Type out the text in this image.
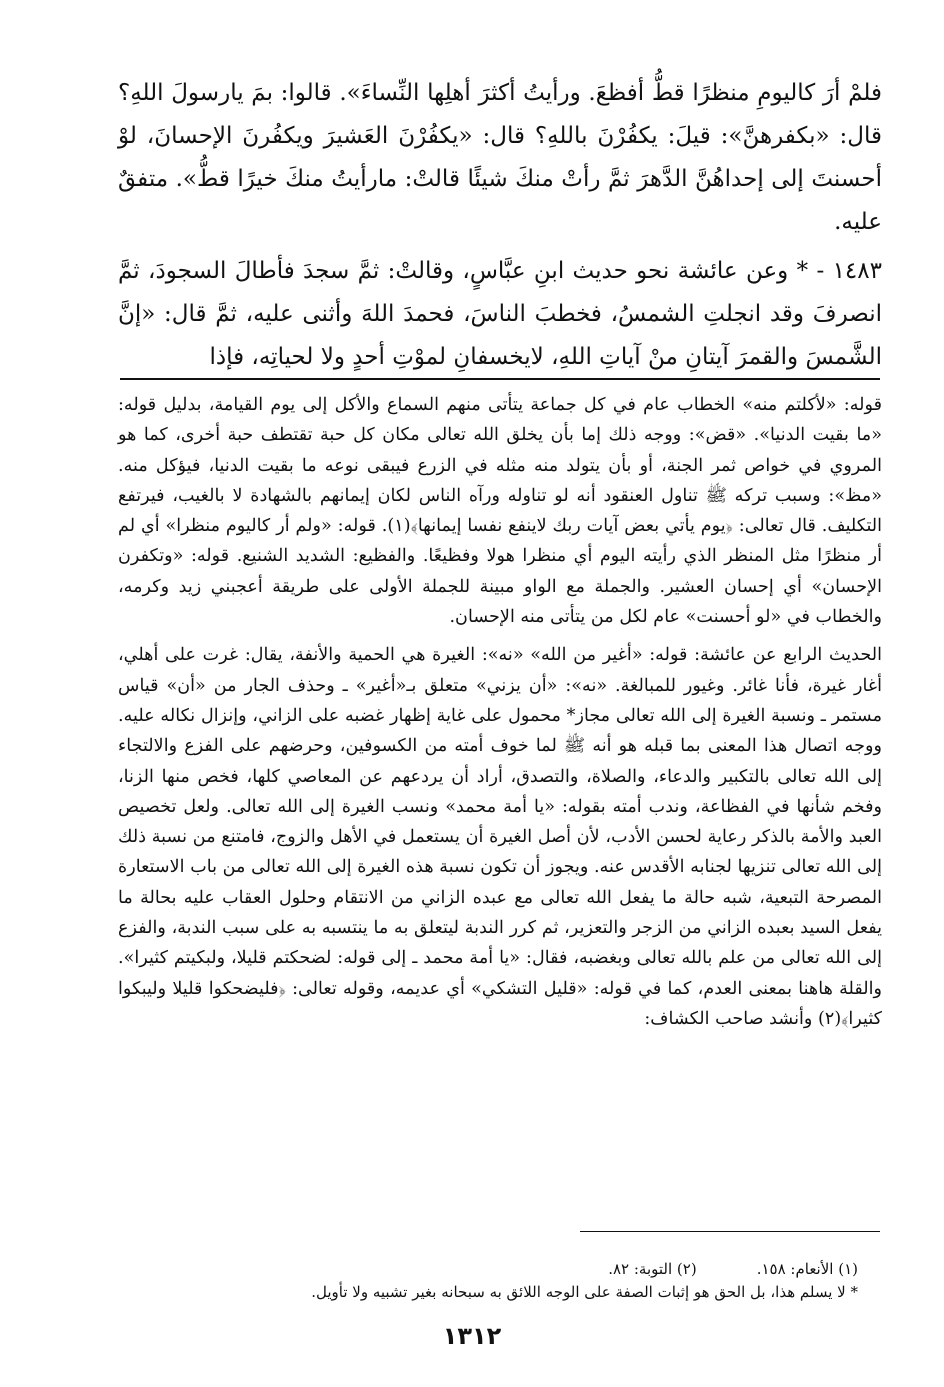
فلمْ أرَ كاليومِ منظرًا قطُّ أفظعَ. ورأيتُ أكثرَ أهلِها النِّساءَ». قالوا: بمَ يارسولَ اللهِ؟ قال: «بكفرهنَّ»: قيلَ: يكفُرْنَ باللهِ؟ قال: «يكفُرْنَ العَشيرَ ويكفُرنَ الإحسانَ، لوْ أحسنتَ إلى إحداهُنَّ الدَّهرَ ثمَّ رأتْ منكَ شيئًا قالتْ: مارأيتُ منكَ خيرًا قطُّ». متفقٌ عليه.

١٤٨٣ - * وعن عائشة نحو حديث ابنِ عبَّاسٍ، وقالتْ: ثمَّ سجدَ فأطالَ السجودَ، ثمَّ انصرفَ وقد انجلتِ الشمسُ، فخطبَ الناسَ، فحمدَ اللهَ وأثنى عليه، ثمَّ قال: «إنَّ الشَّمسَ والقمرَ آيتانِ منْ آياتِ اللهِ، لايخسفانِ لموْتِ أحدٍ ولا لحياتِه، فإذا

قوله: «لأكلتم منه» الخطاب عام في كل جماعة يتأتى منهم السماع والأكل إلى يوم القيامة، بدليل قوله: «ما بقيت الدنيا». «قض»: ووجه ذلك إما بأن يخلق الله تعالى مكان كل حبة تقتطف حبة أخرى، كما هو المروي في خواص ثمر الجنة، أو بأن يتولد منه مثله في الزرع فيبقى نوعه ما بقيت الدنيا، فيؤكل منه. «مظ»: وسبب تركه ﷺ تناول العنقود أنه لو تناوله ورآه الناس لكان إيمانهم بالشهادة لا بالغيب، فيرتفع التكليف. قال تعالى: ﴿يوم يأتي بعض آيات ربك لاينفع نفسا إيمانها﴾(١). قوله: «ولم أر كاليوم منظرا» أي لم أر منظرًا مثل المنظر الذي رأيته اليوم أي منظرا هولا وفظيعًا. والفظيع: الشديد الشنيع. قوله: «وتكفرن الإحسان» أي إحسان العشير. والجملة مع الواو مبينة للجملة الأولى على طريقة أعجبني زيد وكرمه، والخطاب في «لو أحسنت» عام لكل من يتأتى منه الإحسان.

الحديث الرابع عن عائشة: قوله: «أغير من الله» «نه»: الغيرة هي الحمية والأنفة، يقال: غرت على أهلي، أغار غيرة، فأنا غائر. وغيور للمبالغة. «نه»: «أن يزني» متعلق بـ«أغير» ـ وحذف الجار من «أن» قياس مستمر ـ ونسبة الغيرة إلى الله تعالى مجاز* محمول على غاية إظهار غضبه على الزاني، وإنزال نكاله عليه. ووجه اتصال هذا المعنى بما قبله هو أنه ﷺ لما خوف أمته من الكسوفين، وحرضهم على الفزع والالتجاء إلى الله تعالى بالتكبير والدعاء، والصلاة، والتصدق، أراد أن يردعهم عن المعاصي كلها، فخص منها الزنا، وفخم شأنها في الفظاعة، وندب أمته بقوله: «يا أمة محمد» ونسب الغيرة إلى الله تعالى. ولعل تخصيص العبد والأمة بالذكر رعاية لحسن الأدب، لأن أصل الغيرة أن يستعمل في الأهل والزوج، فامتنع من نسبة ذلك إلى الله تعالى تنزيها لجنابه الأقدس عنه. ويجوز أن تكون نسبة هذه الغيرة إلى الله تعالى من باب الاستعارة المصرحة التبعية، شبه حالة ما يفعل الله تعالى مع عبده الزاني من الانتقام وحلول العقاب عليه بحالة ما يفعل السيد بعبده الزاني من الزجر والتعزير، ثم كرر الندبة ليتعلق به ما ينتسبه به على سبب الندبة، والفزع إلى الله تعالى من علم بالله تعالى وبغضبه، فقال: «يا أمة محمد ـ إلى قوله: لضحكتم قليلا، ولبكيتم كثيرا». والقلة هاهنا بمعنى العدم، كما في قوله: «قليل التشكي» أي عديمه، وقوله تعالى: ﴿فليضحكوا قليلا وليبكوا كثيرا﴾(٢) وأنشد صاحب الكشاف:

(١) الأنعام: ١٥٨.
(٢) التوبة: ٨٢.
* لا يسلم هذا، بل الحق هو إثبات الصفة على الوجه اللائق به سبحانه بغير تشبيه ولا تأويل.
١٣١٢
